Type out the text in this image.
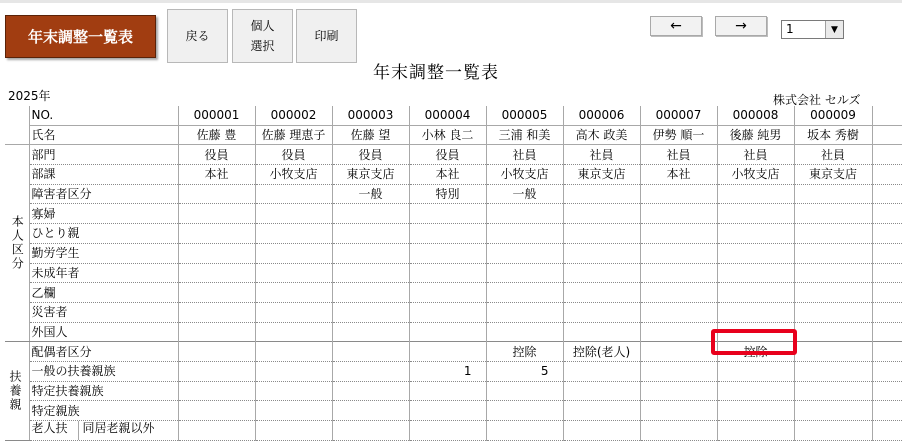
年末調整一覧表	戻る
個人
選択
印刷
←	→	1	▼
年末調整一覧表
2025年	株式会社 セルズ
	NO.	000001	000002	000003	000004	000005	000006	000007	000008	000009	
	氏名	佐藤 豊	佐藤 理恵子	佐藤 望	小林 良二	三浦 和美	高木 政美	伊勢 順一	後藤 純男	坂本 秀樹	
本人区分	部門	役員	役員	役員	役員	社員	社員	社員	社員	社員	
	部課	本社	小牧支店	東京支店	本社	小牧支店	東京支店	本社	小牧支店	東京支店	
	障害者区分			一般	特別	一般					
	寡婦										
	ひとり親										
	勤労学生										
	未成年者										
	乙欄										
	災害者										
	外国人										
扶養親	配偶者区分					控除	控除(老人)		控除		
	一般の扶養親族				1	5					
	特定扶養親族										
	特定親族										

	老人扶 同居老親以外										
